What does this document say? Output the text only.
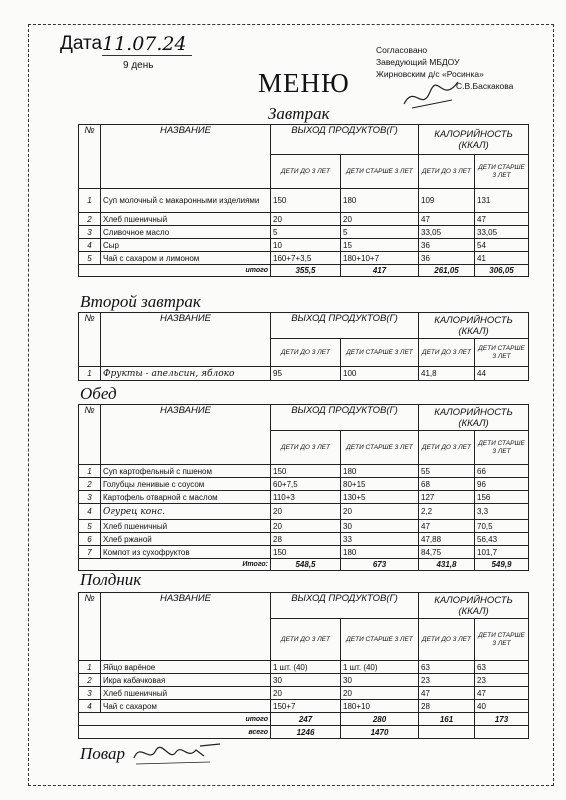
Дата 11.07.24
9 день
МЕНЮ
Согласовано
Заведующий МБДОУ
Жирновским д/с «Росинка»
С.В.Баскакова
Завтрак
№	НАЗВАНИЕ	ВЫХОД ПРОДУКТОВ(Г)		КАЛОРИЙНОСТЬ (ККАЛ)	
		ДЕТИ ДО 3 ЛЕТ	ДЕТИ СТАРШЕ 3 ЛЕТ	ДЕТИ ДО 3 ЛЕТ	ДЕТИ СТАРШЕ 3 ЛЕТ
1	Суп молочный с макаронными изделиями	150	180	109	131
2	Хлеб пшеничный	20	20	47	47
3	Сливочное масло	5	5	33,05	33,05
4	Сыр	10	15	36	54
5	Чай с сахаром и лимоном	160+7+3,5	180+10+7	36	41
итого		355,5	417	261,05	306,05
Второй завтрак
№	НАЗВАНИЕ	ВЫХОД ПРОДУКТОВ(Г)		КАЛОРИЙНОСТЬ (ККАЛ)	
		ДЕТИ ДО 3 ЛЕТ	ДЕТИ СТАРШЕ 3 ЛЕТ	ДЕТИ ДО 3 ЛЕТ	ДЕТИ СТАРШЕ 3 ЛЕТ
1	Фрукты - апельсин, яблоко	95	100	41,8	44
Обед
№	НАЗВАНИЕ	ВЫХОД ПРОДУКТОВ(Г)		КАЛОРИЙНОСТЬ (ККАЛ)	
		ДЕТИ ДО 3 ЛЕТ	ДЕТИ СТАРШЕ 3 ЛЕТ	ДЕТИ ДО 3 ЛЕТ	ДЕТИ СТАРШЕ 3 ЛЕТ
1	Суп картофельный с пшеном	150	180	55	66
2	Голубцы ленивые с соусом	60+7,5	80+15	68	96
3	Картофель отварной с маслом	110+3	130+5	127	156
4	Огурец конс.	20	20	2,2	3,3
5	Хлеб пшеничный	20	30	47	70,5
6	Хлеб ржаной	28	33	47,88	56,43
7	Компот из сухофруктов	150	180	84,75	101,7
Итого:		548,5	673	431,8	549,9
Полдник
№	НАЗВАНИЕ	ВЫХОД ПРОДУКТОВ(Г)		КАЛОРИЙНОСТЬ (ККАЛ)	
		ДЕТИ ДО 3 ЛЕТ	ДЕТИ СТАРШЕ 3 ЛЕТ	ДЕТИ ДО 3 ЛЕТ	ДЕТИ СТАРШЕ 3 ЛЕТ
1	Яйцо варёное	1 шт. (40)	1 шт. (40)	63	63
2	Икра кабачковая	30	30	23	23
3	Хлеб пшеничный	20	20	47	47
4	Чай с сахаром	150+7	180+10	28	40
итого		247	280	161	173
всего		1246	1470		
Повар
